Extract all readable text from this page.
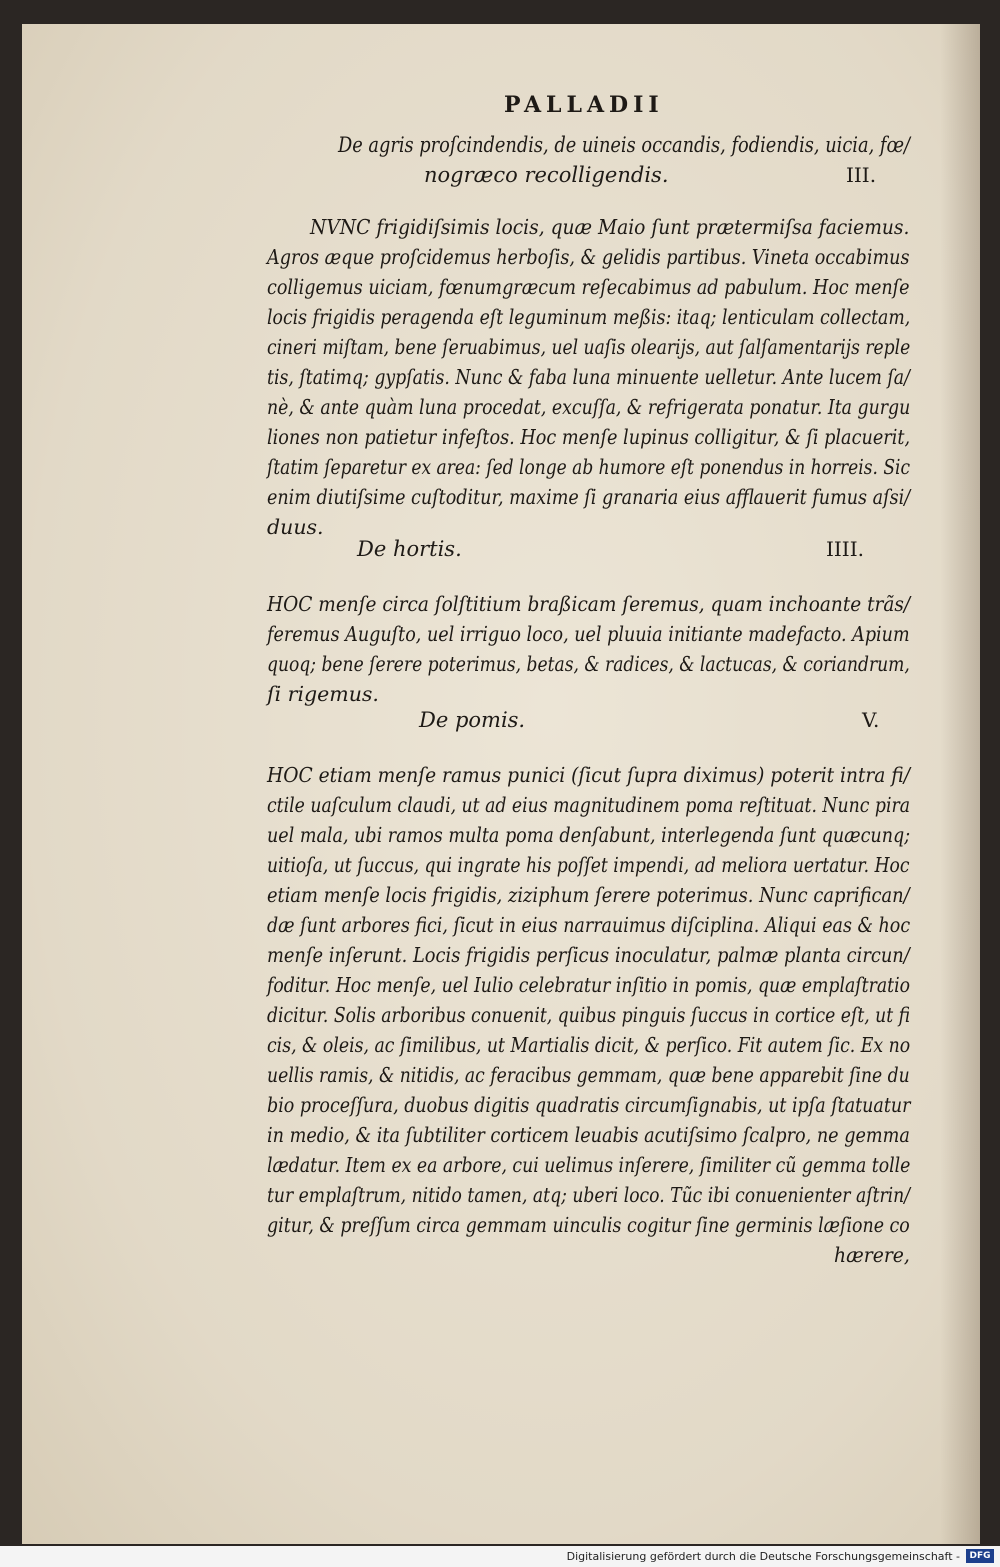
PALLADII
De agris proſcindendis, de uineis occandis, fodiendis, uicia, fœ/
nogræco recolligendis.	III.
NVNC frigidiſsimis locis, quæ Maio ſunt prætermiſsa faciemus.
Agros æque proſcidemus herboſis, & gelidis partibus. Vineta occabimus
colligemus uiciam, fœnumgræcum reſecabimus ad pabulum. Hoc menſe
locis frigidis peragenda eſt leguminum meßis: itaq; lenticulam collectam,
cineri miſtam, bene ſeruabimus, uel uaſis olearijs, aut ſalſamentarijs reple
tis, ſtatimq; gypſatis. Nunc & faba luna minuente uelletur. Ante lucem ſa/
nè, & ante quàm luna procedat, excuſſa, & refrigerata ponatur. Ita gurgu
liones non patietur infeſtos. Hoc menſe lupinus colligitur, & ſi placuerit,
ſtatim ſeparetur ex area: ſed longe ab humore eſt ponendus in horreis. Sic
enim diutiſsime cuſtoditur, maxime ſi granaria eius afflauerit fumus aſsi/
duus.
De hortis.	IIII.
HOC menſe circa ſolſtitium braßicam ſeremus, quam inchoante trãs/
feremus Auguſto, uel irriguo loco, uel pluuia initiante madefacto. Apium
quoq; bene ſerere poterimus, betas, & radices, & lactucas, & coriandrum,
ſi rigemus.
De pomis.	V.
HOC etiam menſe ramus punici (ſicut ſupra diximus) poterit intra fi/
ctile uaſculum claudi, ut ad eius magnitudinem poma reſtituat. Nunc pira
uel mala, ubi ramos multa poma denſabunt, interlegenda ſunt quæcunq;
uitioſa, ut ſuccus, qui ingrate his poſſet impendi, ad meliora uertatur. Hoc
etiam menſe locis frigidis, ziziphum ſerere poterimus. Nunc caprifican/
dæ ſunt arbores fici, ſicut in eius narrauimus diſciplina. Aliqui eas & hoc
menſe inſerunt. Locis frigidis perſicus inoculatur, palmæ planta circun/
foditur. Hoc menſe, uel Iulio celebratur inſitio in pomis, quæ emplaſtratio
dicitur. Solis arboribus conuenit, quibus pinguis ſuccus in cortice eſt, ut fi
cis, & oleis, ac ſimilibus, ut Martialis dicit, & perſico. Fit autem ſic. Ex no
uellis ramis, & nitidis, ac feracibus gemmam, quæ bene apparebit ſine du
bio proceſſura, duobus digitis quadratis circumſignabis, ut ipſa ſtatuatur
in medio, & ita ſubtiliter corticem leuabis acutiſsimo ſcalpro, ne gemma
lædatur. Item ex ea arbore, cui uelimus inſerere, ſimiliter cũ gemma tolle
tur emplaſtrum, nitido tamen, atq; uberi loco. Tũc ibi conuenienter aſtrin/
gitur, & preſſum circa gemmam uinculis cogitur ſine germinis læſione co
hærere,
Digitalisierung gefördert durch die Deutsche Forschungsgemeinschaft -	DFG
